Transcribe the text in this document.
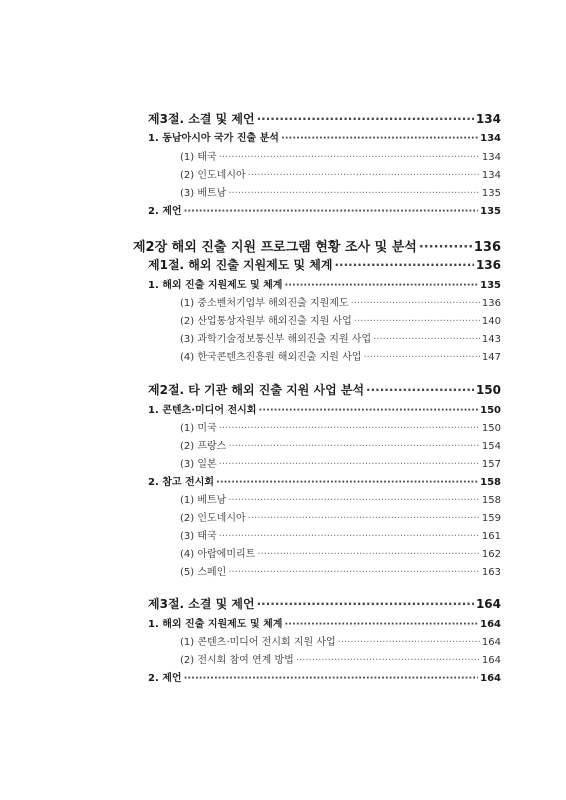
제3절. 소결 및 제언 ·····	134
1. 동남아시아 국가 진출 분석 ·····	134
(1) 태국 ·····	134
(2) 인도네시아 ·····	134
(3) 베트남 ·····	135
2. 제언 ·····	135
제2장 해외 진출 지원 프로그램 현황 조사 및 분석 ·····	136
제1절. 해외 진출 지원제도 및 체계 ·····	136
1. 해외 진출 지원제도 및 체계 ·····	135
(1) 중소벤처기업부 해외진출 지원제도 ·····	136
(2) 산업통상자원부 해외진출 지원 사업 ·····	140
(3) 과학기술정보통신부 해외진출 지원 사업 ·····	143
(4) 한국콘텐츠진흥원 해외진출 지원 사업 ·····	147
제2절. 타 기관 해외 진출 지원 사업 분석 ·····	150
1. 콘텐츠·미디어 전시회 ·····	150
(1) 미국 ·····	150
(2) 프랑스 ·····	154
(3) 일본 ·····	157
2. 참고 전시회 ·····	158
(1) 베트남 ·····	158
(2) 인도네시아 ·····	159
(3) 태국 ·····	161
(4) 아랍에미리트 ·····	162
(5) 스페인 ·····	163
제3절. 소결 및 제언 ·····	164
1. 해외 진출 지원제도 및 체계 ·····	164
(1) 콘텐츠·미디어 전시회 지원 사업 ·····	164
(2) 전시회 참여 연계 방법 ·····	164
2. 제언 ·····	164
